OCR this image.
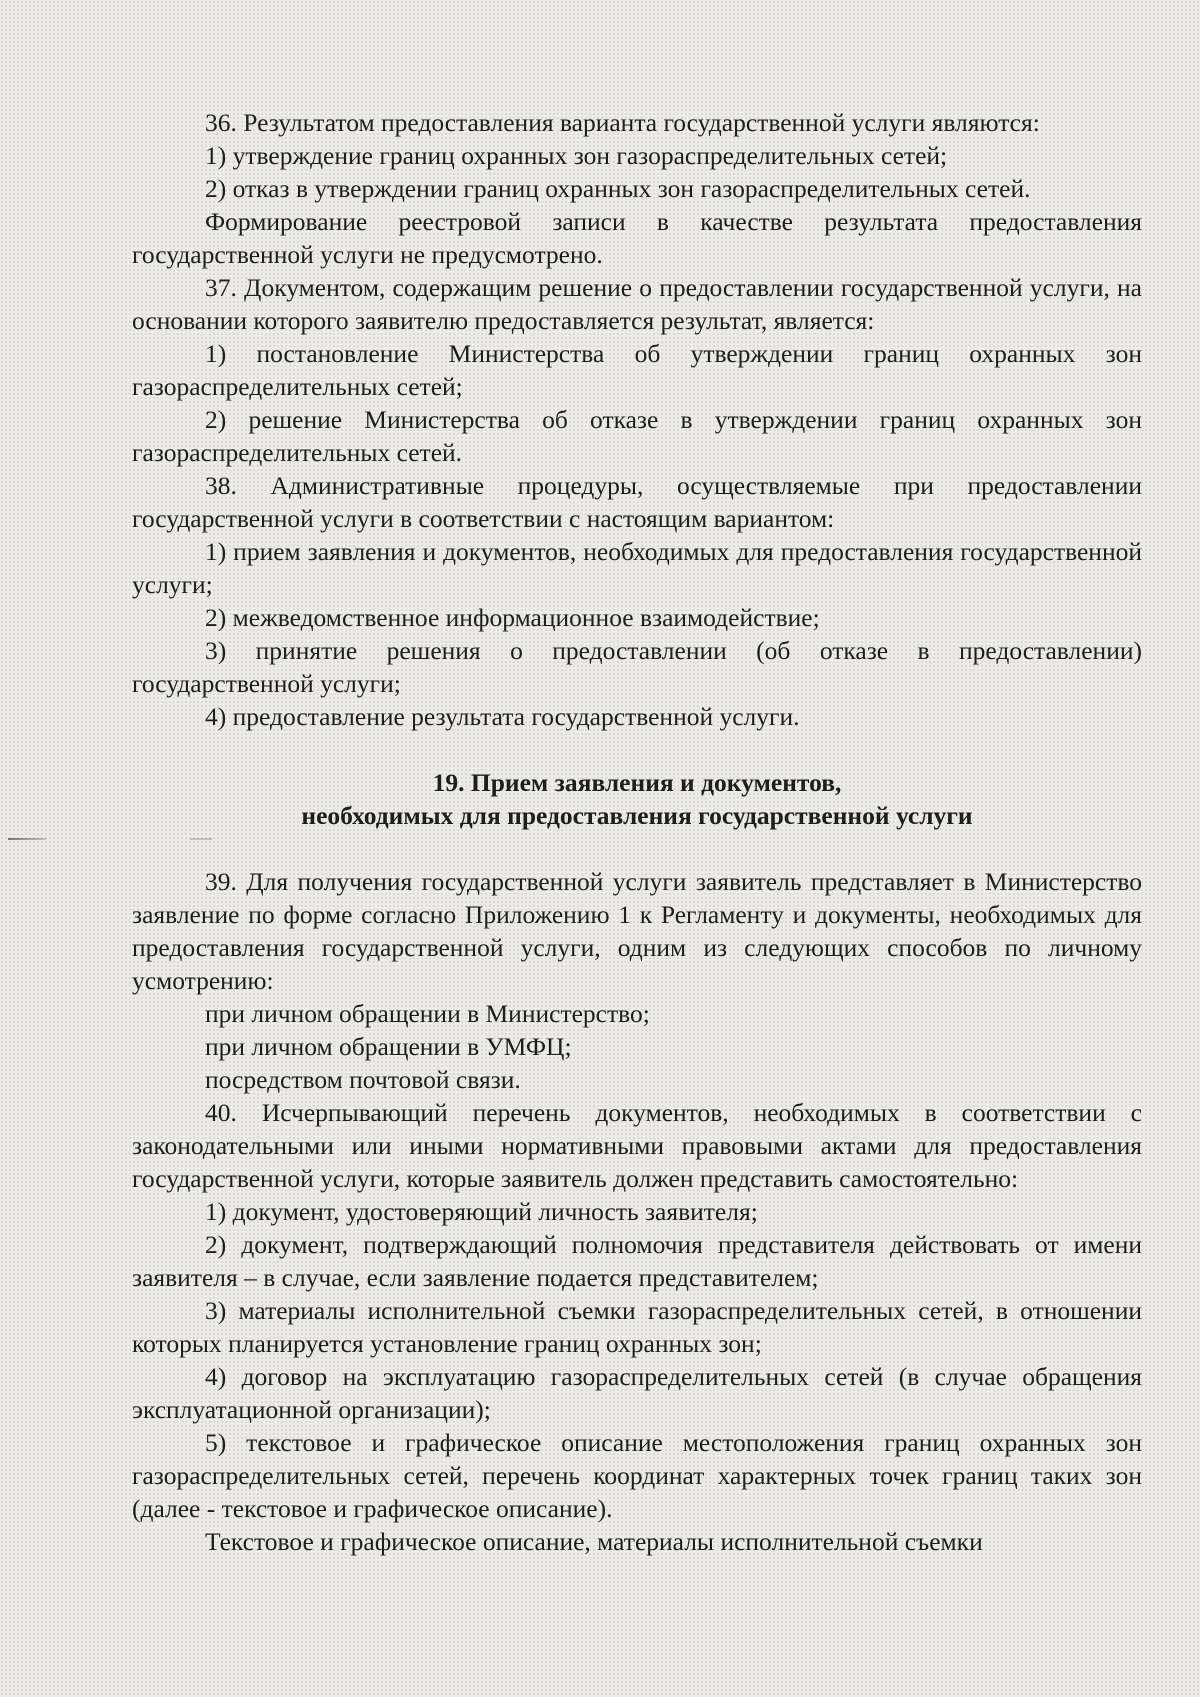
36. Результатом предоставления варианта государственной услуги являются:

1) утверждение границ охранных зон газораспределительных сетей;

2) отказ в утверждении границ охранных зон газораспределительных сетей.

Формирование реестровой записи в качестве результата предоставления государственной услуги не предусмотрено.

37. Документом, содержащим решение о предоставлении государственной услуги, на основании которого заявителю предоставляется результат, является:

1) постановление Министерства об утверждении границ охранных зон газораспределительных сетей;

2) решение Министерства об отказе в утверждении границ охранных зон газораспределительных сетей.

38. Административные процедуры, осуществляемые при предоставлении государственной услуги в соответствии с настоящим вариантом:

1) прием заявления и документов, необходимых для предоставления государственной услуги;

2) межведомственное информационное взаимодействие;

3) принятие решения о предоставлении (об отказе в предоставлении) государственной услуги;

4) предоставление результата государственной услуги.

19. Прием заявления и документов,
необходимых для предоставления государственной услуги

39. Для получения государственной услуги заявитель представляет в Министерство заявление по форме согласно Приложению 1 к Регламенту и документы, необходимых для предоставления государственной услуги, одним из следующих способов по личному усмотрению:

при личном обращении в Министерство;

при личном обращении в УМФЦ;

посредством почтовой связи.

40. Исчерпывающий перечень документов, необходимых в соответствии с законодательными или иными нормативными правовыми актами для предоставления государственной услуги, которые заявитель должен представить самостоятельно:

1) документ, удостоверяющий личность заявителя;

2) документ, подтверждающий полномочия представителя действовать от имени заявителя – в случае, если заявление подается представителем;

3) материалы исполнительной съемки газораспределительных сетей, в отношении которых планируется установление границ охранных зон;

4) договор на эксплуатацию газораспределительных сетей (в случае обращения эксплуатационной организации);

5) текстовое и графическое описание местоположения границ охранных зон газораспределительных сетей, перечень координат характерных точек границ таких зон (далее - текстовое и графическое описание).

Текстовое и графическое описание, материалы исполнительной съемки
